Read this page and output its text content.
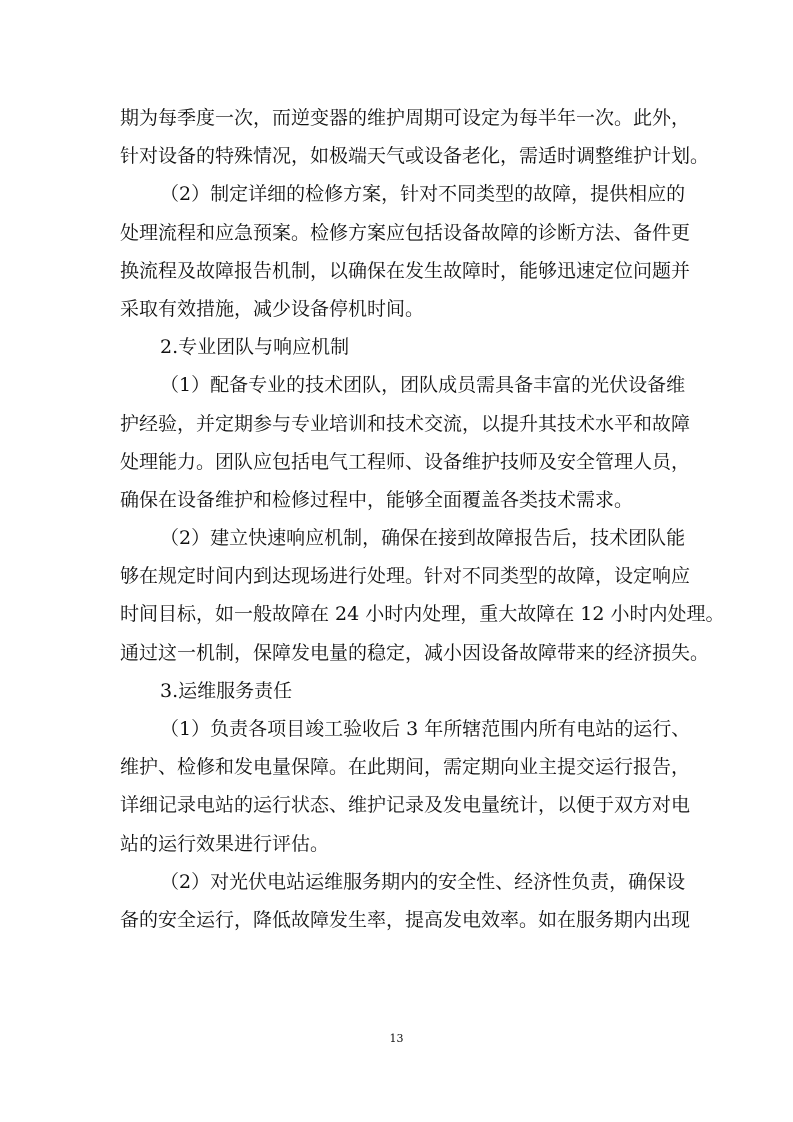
期为每季度一次，而逆变器的维护周期可设定为每半年一次。此外，
针对设备的特殊情况，如极端天气或设备老化，需适时调整维护计划。
（2）制定详细的检修方案，针对不同类型的故障，提供相应的
处理流程和应急预案。检修方案应包括设备故障的诊断方法、备件更
换流程及故障报告机制，以确保在发生故障时，能够迅速定位问题并
采取有效措施，减少设备停机时间。
2.专业团队与响应机制
（1）配备专业的技术团队，团队成员需具备丰富的光伏设备维
护经验，并定期参与专业培训和技术交流，以提升其技术水平和故障
处理能力。团队应包括电气工程师、设备维护技师及安全管理人员，
确保在设备维护和检修过程中，能够全面覆盖各类技术需求。
（2）建立快速响应机制，确保在接到故障报告后，技术团队能
够在规定时间内到达现场进行处理。针对不同类型的故障，设定响应
时间目标，如一般故障在 24 小时内处理，重大故障在 12 小时内处理。
通过这一机制，保障发电量的稳定，减小因设备故障带来的经济损失。
3.运维服务责任
（1）负责各项目竣工验收后 3 年所辖范围内所有电站的运行、
维护、检修和发电量保障。在此期间，需定期向业主提交运行报告，
详细记录电站的运行状态、维护记录及发电量统计，以便于双方对电
站的运行效果进行评估。
（2）对光伏电站运维服务期内的安全性、经济性负责，确保设
备的安全运行，降低故障发生率，提高发电效率。如在服务期内出现
13
